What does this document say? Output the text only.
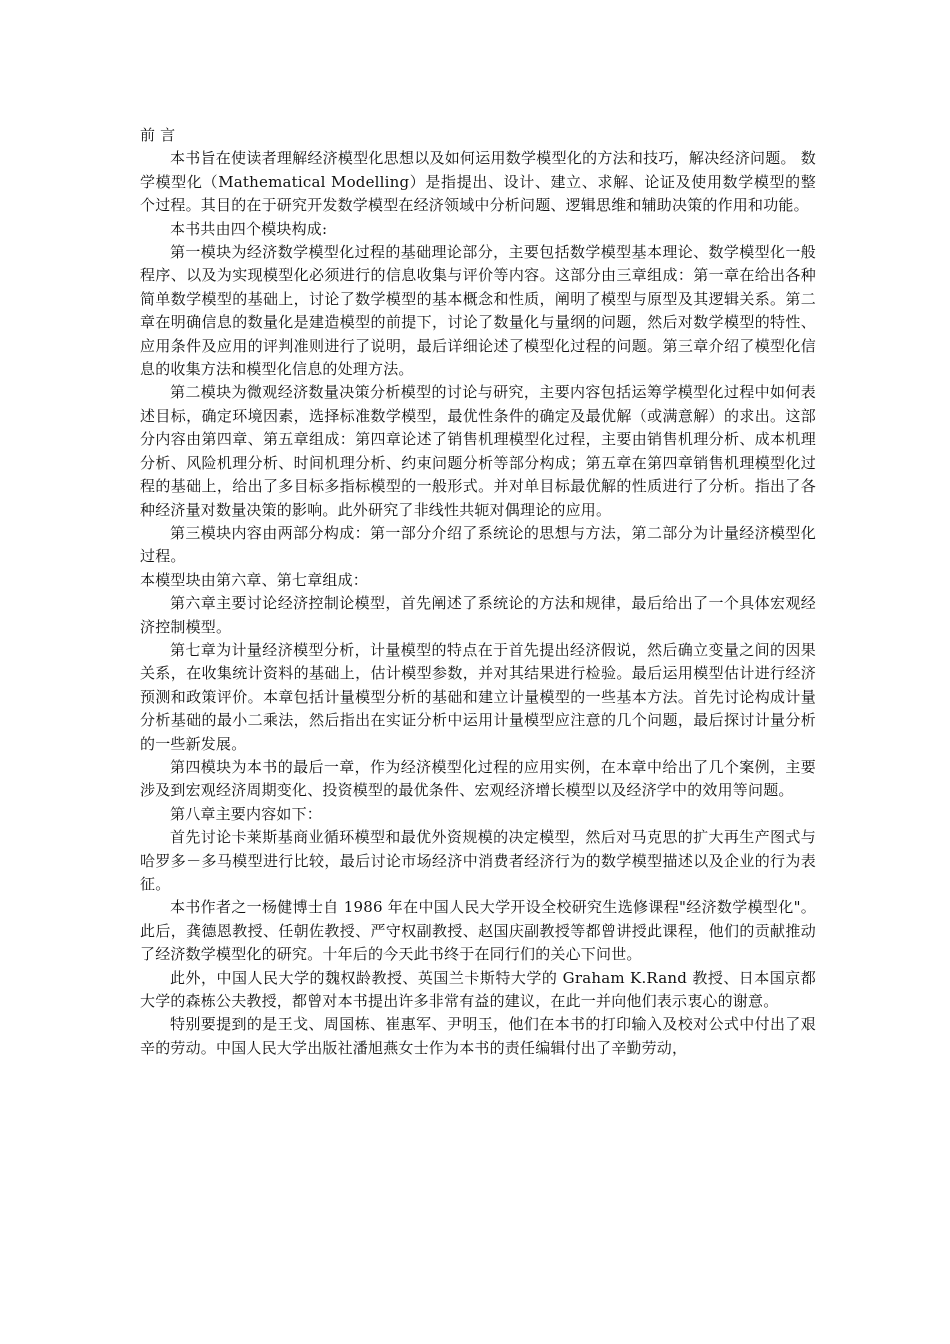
前 言

本书旨在使读者理解经济模型化思想以及如何运用数学模型化的方法和技巧，解决经济问题。 数学模型化（Mathematical Modelling）是指提出、设计、建立、求解、论证及使用数学模型的整个过程。其目的在于研究开发数学模型在经济领域中分析问题、逻辑思维和辅助决策的作用和功能。

本书共由四个模块构成:

第一模块为经济数学模型化过程的基础理论部分，主要包括数学模型基本理论、数学模型化一般程序、以及为实现模型化必须进行的信息收集与评价等内容。这部分由三章组成：第一章在给出各种简单数学模型的基础上，讨论了数学模型的基本概念和性质，阐明了模型与原型及其逻辑关系。第二章在明确信息的数量化是建造模型的前提下，讨论了数量化与量纲的问题，然后对数学模型的特性、应用条件及应用的评判准则进行了说明，最后详细论述了模型化过程的问题。第三章介绍了模型化信息的收集方法和模型化信息的处理方法。

第二模块为微观经济数量决策分析模型的讨论与研究，主要内容包括运筹学模型化过程中如何表述目标，确定环境因素，选择标准数学模型，最优性条件的确定及最优解（或满意解）的求出。这部分内容由第四章、第五章组成：第四章论述了销售机理模型化过程，主要由销售机理分析、成本机理分析、风险机理分析、时间机理分析、约束问题分析等部分构成；第五章在第四章销售机理模型化过程的基础上，给出了多目标多指标模型的一般形式。并对单目标最优解的性质进行了分析。指出了各种经济量对数量决策的影响。此外研究了非线性共轭对偶理论的应用。

第三模块内容由两部分构成：第一部分介绍了系统论的思想与方法，第二部分为计量经济模型化过程。

本模型块由第六章、第七章组成：

第六章主要讨论经济控制论模型，首先阐述了系统论的方法和规律，最后给出了一个具体宏观经济控制模型。

第七章为计量经济模型分析，计量模型的特点在于首先提出经济假说，然后确立变量之间的因果关系，在收集统计资料的基础上，估计模型参数，并对其结果进行检验。最后运用模型估计进行经济预测和政策评价。本章包括计量模型分析的基础和建立计量模型的一些基本方法。首先讨论构成计量分析基础的最小二乘法，然后指出在实证分析中运用计量模型应注意的几个问题，最后探讨计量分析的一些新发展。

第四模块为本书的最后一章，作为经济模型化过程的应用实例，在本章中给出了几个案例，主要涉及到宏观经济周期变化、投资模型的最优条件、宏观经济增长模型以及经济学中的效用等问题。

第八章主要内容如下：

首先讨论卡莱斯基商业循环模型和最优外资规模的决定模型，然后对马克思的扩大再生产图式与哈罗多－多马模型进行比较，最后讨论市场经济中消费者经济行为的数学模型描述以及企业的行为表征。

本书作者之一杨健博士自 1986 年在中国人民大学开设全校研究生选修课程"经济数学模型化"。此后，龚德恩教授、任朝佐教授、严守权副教授、赵国庆副教授等都曾讲授此课程，他们的贡献推动了经济数学模型化的研究。十年后的今天此书终于在同行们的关心下问世。

此外，中国人民大学的魏权龄教授、英国兰卡斯特大学的 Graham K.Rand 教授、日本国京都大学的森栋公夫教授，都曾对本书提出许多非常有益的建议，在此一并向他们表示衷心的谢意。

特别要提到的是王戈、周国栋、崔惠军、尹明玉，他们在本书的打印输入及校对公式中付出了艰辛的劳动。中国人民大学出版社潘旭燕女士作为本书的责任编辑付出了辛勤劳动，
